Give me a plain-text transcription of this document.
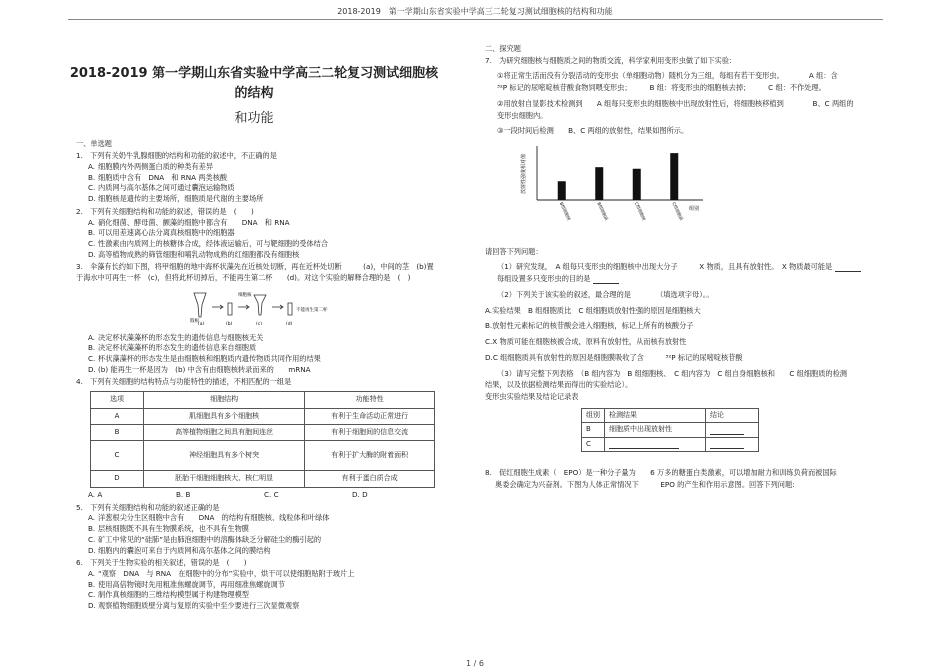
2018-2019　第一学期山东省实验中学高三二轮复习测试细胞核的结构和功能
2018-2019 第一学期山东省实验中学高三二轮复习测试细胞核的结构
和功能
一、单选题
1.　下列有关奶牛乳腺细胞的结构和功能的叙述中，不正确的是
A. 细胞膜内外两侧蛋白质的种类有差异
B. 细胞质中含有　DNA　和 RNA 两类核酸
C. 内质网与高尔基体之间可通过囊泡运输物质
D. 细胞核是遗传的主要场所，细胞质是代谢的主要场所
2.　下列有关细胞结构和功能的叙述，错误的是　(　　)
A. 硝化细菌、酵母菌、颤藻的细胞中都含有　　DNA　和 RNA
B. 可以用差速离心法分离真核细胞中的细胞器
C. 性激素由内质网上的核糖体合成，经体液运输后，可与靶细胞的受体结合
D. 高等植物成熟的筛管细胞和哺乳动物成熟的红细胞都没有细胞核
3.　伞藻有长约如下图，将甲细胞的地中海杯状藻先在近核处切断，再在近杯处切断　　　(a)，中间的茎　(b)置
于海水中可再生一杯　(c)，但将此杯切掉后，不能再生第二杯　　(d)。对这个实验的解释合理的是　(　)
细胞核
假根
不能再生第二杯
(a)	(b)	(c)	(d)
A. 决定杯状藻藻杯的形态发生的遗传信息与细胞核无关
B. 决定杯状藻藻杯的形态发生的遗传信息来自细胞质
C. 杯状藻藻杯的形态发生是由细胞核和细胞质内遗传物质共同作用的结果
D. (b) 能再生一杯是因为　(b) 中含有由细胞核转录而来的　　mRNA
4.　下列有关细胞的结构特点与功能特性的描述，不相匹配的一组是
选项	细胞结构	功能特性
A	肌细胞具有多个细胞核	有利于生命活动正常进行
B	高等植物细胞之间具有胞间连丝	有利于细胞间的信息交流
C	神经细胞具有多个树突	有利于扩大酶的附着面积
D	胚胎干细胞细胞核大、核仁明显	有利于蛋白质合成
A. A	B. B	C. C	D. D
5.　下列有关细胞结构和功能的叙述正确的是
A. 洋葱根尖分生区细胞中含有　　DNA　的结构有细胞核、线粒体和叶绿体
B. 层核细胞既不具有生物膜系统，也不具有生物膜
C. 矿工中常见的“硅肺”是由肺泡细胞中的溶酶体缺乏分解硅尘的酶引起的
D. 细胞内的囊泡可来自于内质网和高尔基体之间的膜结构
6.　下列关于生物实验的相关叙述，错误的是　(　　)
A. “观察　DNA　与 RNA　在细胞中的分布”实验中，烘干可以使细胞贴附于玻片上
B. 使用高倍物镜时先用粗准焦螺旋调节，再用细准焦螺旋调节
C. 制作真核细胞的三维结构模型属于构建物理模型
D. 观察植物细胞质壁分离与复原的实验中至少要进行三次显微观察
二、探究题
7.　为研究细胞核与细胞质之间的物质交流，科学家利用变形虫做了如下实验：
①将正常生活而没有分裂活动的变形虫（单细胞动物）随机分为三组，每组有若干变形虫。　　　　A 组：含
³²P 标记的尿嘧啶核苷酸食物饲喂变形虫；　　　B 组：将变形虫的细胞核去掉；　　　C 组：不作处理。
②用放射自显影技术检测到　　A 组每只变形虫的细胞核中出现放射性后，将细胞核移植到　　　　B、C 两组的
变形虫细胞内。
③一段时间后检测　　B、C 两组的放射性，结果如图所示。
放射性强度相对值
B组细胞核	B组细胞质	C组细胞核	C组细胞质 组别
请回答下列问题：
（1）研究发现，　A 组每只变形虫的细胞核中出现大分子　　　X 物质，且具有放射性。　X 物质最可能是
每组设置多只变形虫的目的是
（2）下列关于该实验的叙述，最合理的是　　　　（填选项字母）。。
A.实验结果　B 组细胞质比　C 组细胞质放射性强的原因是细胞核大
B.放射性元素标记的核苷酸会进入细胞核，标记上所有的核酸分子
C.X 物质可能在细胞核被合成，原料有放射性，从而核有放射性
D.C 组细胞质具有放射性的原因是细胞膜吸收了含　　　³²P 标记的尿嘧啶核苷酸
（3）请写完整下列表格　（B 组内容为　B 组细胞核、　C 组内容为　C 组自身细胞核和　　C 组细胞质的检测
结果，以及依据检测结果而得出的实验结论）。
变形虫实验结果及结论记录表
组别	检测结果	结论
B	细胞质中出现放射性	
C		
8.　促红细胞生成素（　EPO）是一种分子量为　　6 万多的糖蛋白类激素，可以增加耐力和训练负荷而被国际
奥委会确定为兴奋剂。下图为人体正常情况下　　　EPO 的产生和作用示意图。回答下列问题:
1 / 6
